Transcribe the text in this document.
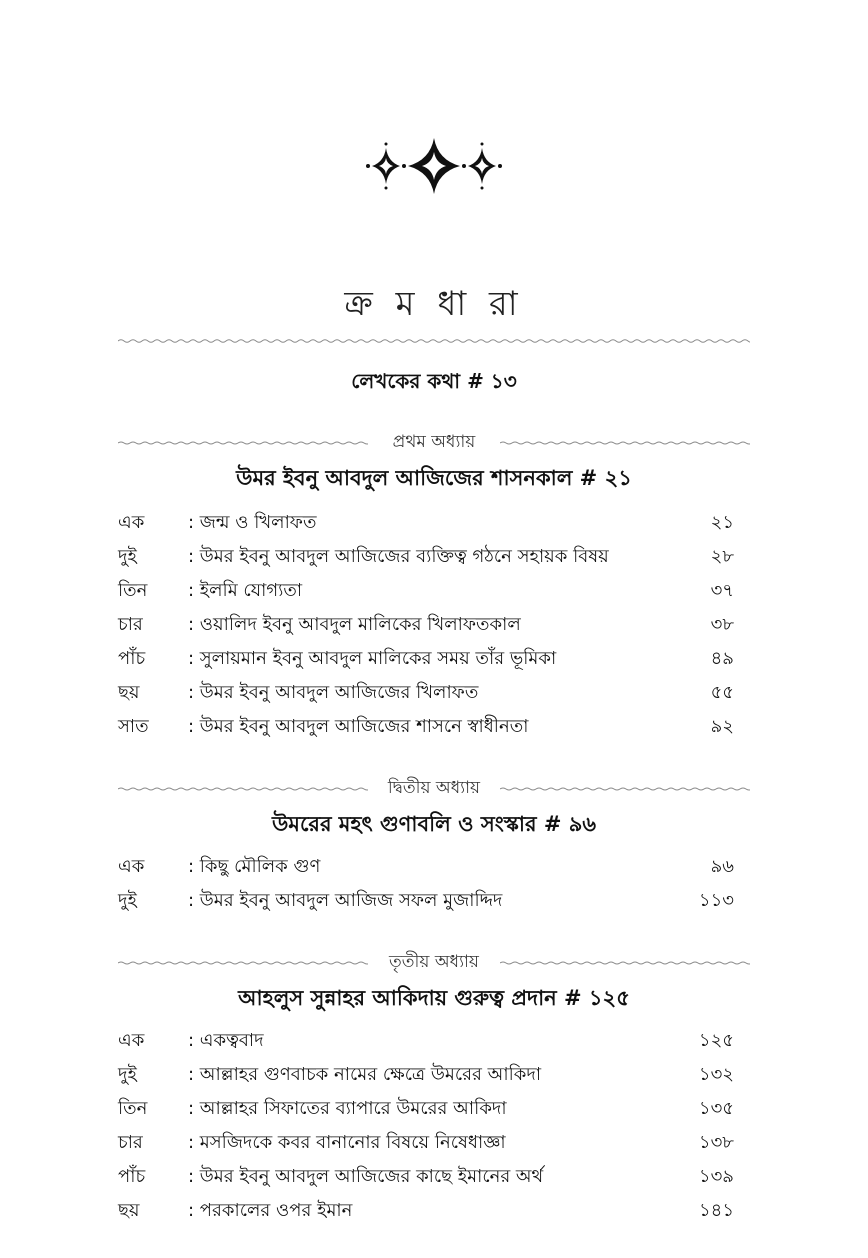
ক্র ম ধা রা
লেখকের কথা # ১৩
প্রথম অধ্যায়
উমর ইবনু আবদুল আজিজের শাসনকাল # ২১
এক : জন্ম ও খিলাফত	২১
দুই	: উমর ইবনু আবদুল আজিজের ব্যক্তিত্ব গঠনে সহায়ক বিষয়	২৮
তিন : ইলমি যোগ্যতা	৩৭
চার	: ওয়ালিদ ইবনু আবদুল মালিকের খিলাফতকাল	৩৮
পাঁচ : সুলায়মান ইবনু আবদুল মালিকের সময় তাঁর ভূমিকা	৪৯
ছয়	: উমর ইবনু আবদুল আজিজের খিলাফত	৫৫
সাত : উমর ইবনু আবদুল আজিজের শাসনে স্বাধীনতা	৯২
দ্বিতীয় অধ্যায়
উমরের মহৎ গুণাবলি ও সংস্কার # ৯৬
এক : কিছু মৌলিক গুণ	৯৬
দুই	: উমর ইবনু আবদুল আজিজ সফল মুজাদ্দিদ	১১৩
তৃতীয় অধ্যায়
আহলুস সুন্নাহর আকিদায় গুরুত্ব প্রদান # ১২৫
এক : একত্ববাদ	১২৫
দুই	: আল্লাহর গুণবাচক নামের ক্ষেত্রে উমরের আকিদা	১৩২
তিন : আল্লাহর সিফাতের ব্যাপারে উমরের আকিদা	১৩৫
চার	: মসজিদকে কবর বানানোর বিষয়ে নিষেধাজ্ঞা	১৩৮
পাঁচ : উমর ইবনু আবদুল আজিজের কাছে ইমানের অর্থ	১৩৯
ছয়	: পরকালের ওপর ইমান	১৪১
